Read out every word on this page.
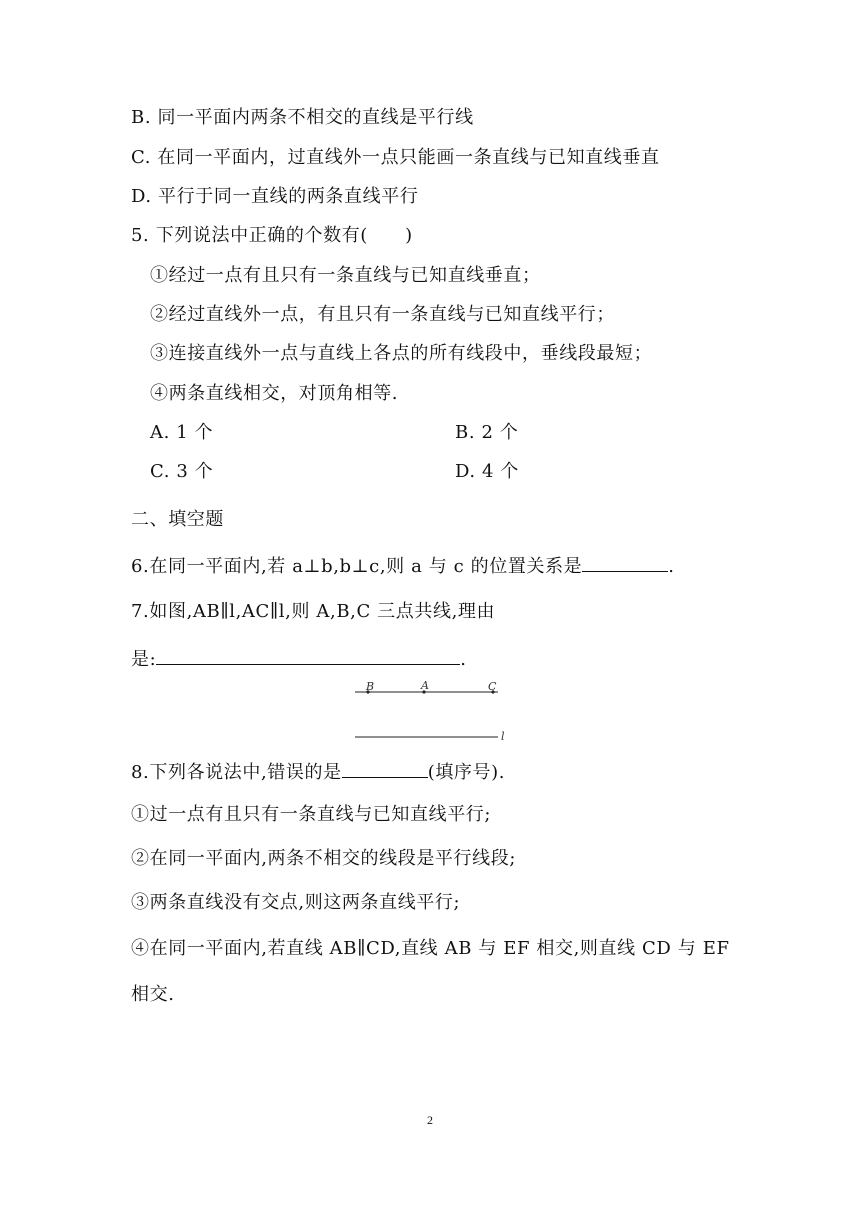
B. 同一平面内两条不相交的直线是平行线
C. 在同一平面内，过直线外一点只能画一条直线与已知直线垂直
D. 平行于同一直线的两条直线平行
5. 下列说法中正确的个数有(　　)
①经过一点有且只有一条直线与已知直线垂直；
②经过直线外一点，有且只有一条直线与已知直线平行；
③连接直线外一点与直线上各点的所有线段中，垂线段最短；
④两条直线相交，对顶角相等.
A. 1 个	B. 2 个
C. 3 个	D. 4 个
二、填空题
6.在同一平面内,若 a⊥b,b⊥c,则 a 与 c 的位置关系是	.
7.如图,AB∥l,AC∥l,则 A,B,C 三点共线,理由
是:	.
B	A	C
l
8.下列各说法中,错误的是	(填序号).
①过一点有且只有一条直线与已知直线平行;
②在同一平面内,两条不相交的线段是平行线段;
③两条直线没有交点,则这两条直线平行;
④在同一平面内,若直线 AB∥CD,直线 AB 与 EF 相交,则直线 CD 与 EF
相交.
2
